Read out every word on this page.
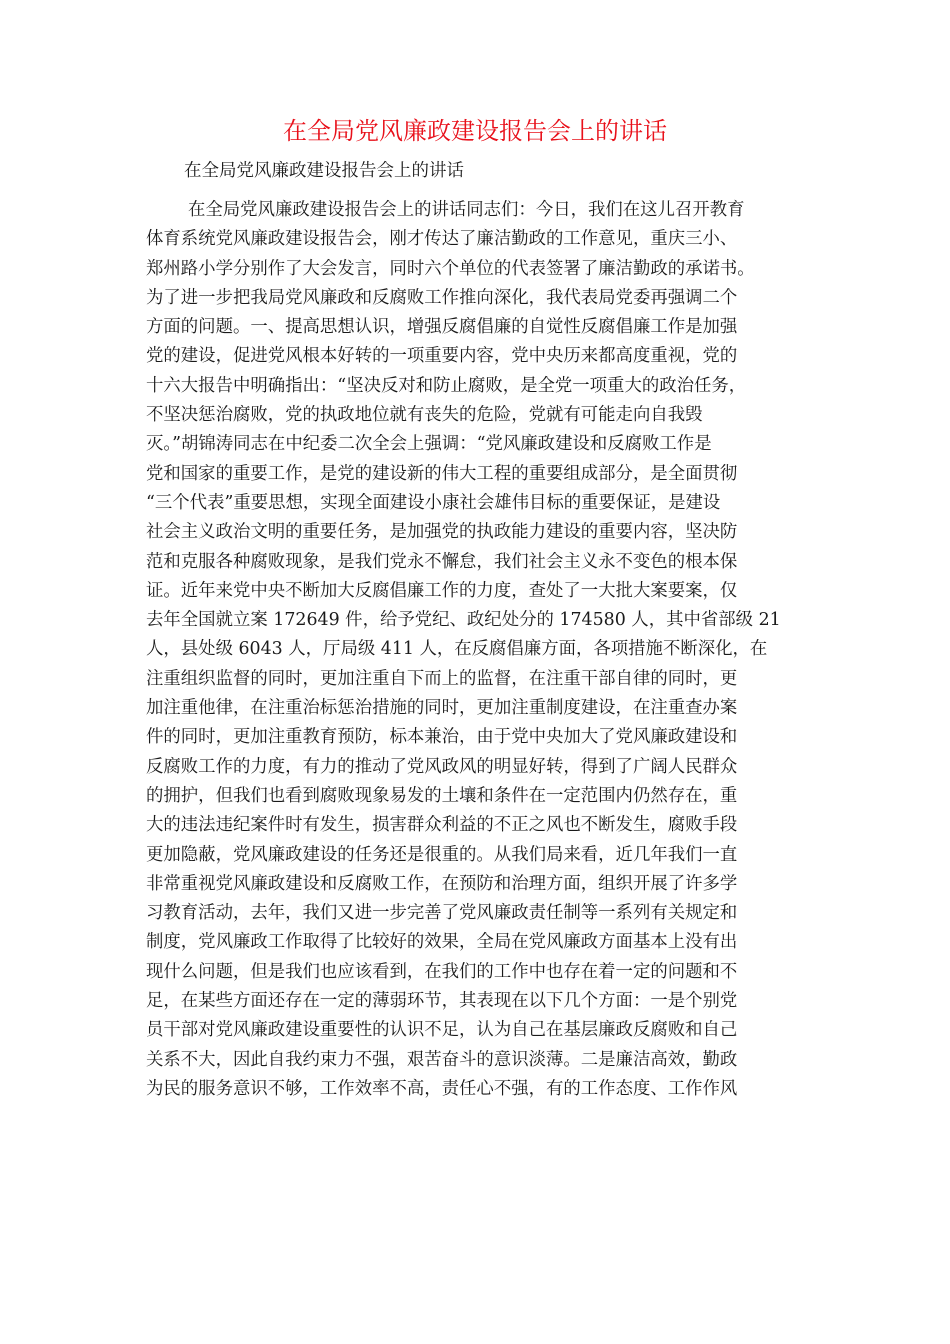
在全局党风廉政建设报告会上的讲话
在全局党风廉政建设报告会上的讲话
在全局党风廉政建设报告会上的讲话同志们：今日，我们在这儿召开教育
体育系统党风廉政建设报告会，刚才传达了廉洁勤政的工作意见，重庆三小、
郑州路小学分别作了大会发言，同时六个单位的代表签署了廉洁勤政的承诺书。
为了进一步把我局党风廉政和反腐败工作推向深化，我代表局党委再强调二个
方面的问题。一、提高思想认识，增强反腐倡廉的自觉性反腐倡廉工作是加强
党的建设，促进党风根本好转的一项重要内容，党中央历来都高度重视，党的
十六大报告中明确指出：“坚决反对和防止腐败，是全党一项重大的政治任务，
不坚决惩治腐败，党的执政地位就有丧失的危险，党就有可能走向自我毁
灭。”胡锦涛同志在中纪委二次全会上强调：“党风廉政建设和反腐败工作是
党和国家的重要工作，是党的建设新的伟大工程的重要组成部分，是全面贯彻
“三个代表”重要思想，实现全面建设小康社会雄伟目标的重要保证，是建设
社会主义政治文明的重要任务，是加强党的执政能力建设的重要内容，坚决防
范和克服各种腐败现象，是我们党永不懈怠，我们社会主义永不变色的根本保
证。近年来党中央不断加大反腐倡廉工作的力度，查处了一大批大案要案，仅
去年全国就立案 172649 件，给予党纪、政纪处分的 174580 人，其中省部级 21
人，县处级 6043 人，厅局级 411 人，在反腐倡廉方面，各项措施不断深化，在
注重组织监督的同时，更加注重自下而上的监督，在注重干部自律的同时，更
加注重他律，在注重治标惩治措施的同时，更加注重制度建设，在注重查办案
件的同时，更加注重教育预防，标本兼治，由于党中央加大了党风廉政建设和
反腐败工作的力度，有力的推动了党风政风的明显好转，得到了广阔人民群众
的拥护，但我们也看到腐败现象易发的土壤和条件在一定范围内仍然存在，重
大的违法违纪案件时有发生，损害群众利益的不正之风也不断发生，腐败手段
更加隐蔽，党风廉政建设的任务还是很重的。从我们局来看，近几年我们一直
非常重视党风廉政建设和反腐败工作，在预防和治理方面，组织开展了许多学
习教育活动，去年，我们又进一步完善了党风廉政责任制等一系列有关规定和
制度，党风廉政工作取得了比较好的效果，全局在党风廉政方面基本上没有出
现什么问题，但是我们也应该看到，在我们的工作中也存在着一定的问题和不
足，在某些方面还存在一定的薄弱环节，其表现在以下几个方面：一是个别党
员干部对党风廉政建设重要性的认识不足，认为自己在基层廉政反腐败和自己
关系不大，因此自我约束力不强，艰苦奋斗的意识淡薄。二是廉洁高效，勤政
为民的服务意识不够，工作效率不高，责任心不强，有的工作态度、工作作风
